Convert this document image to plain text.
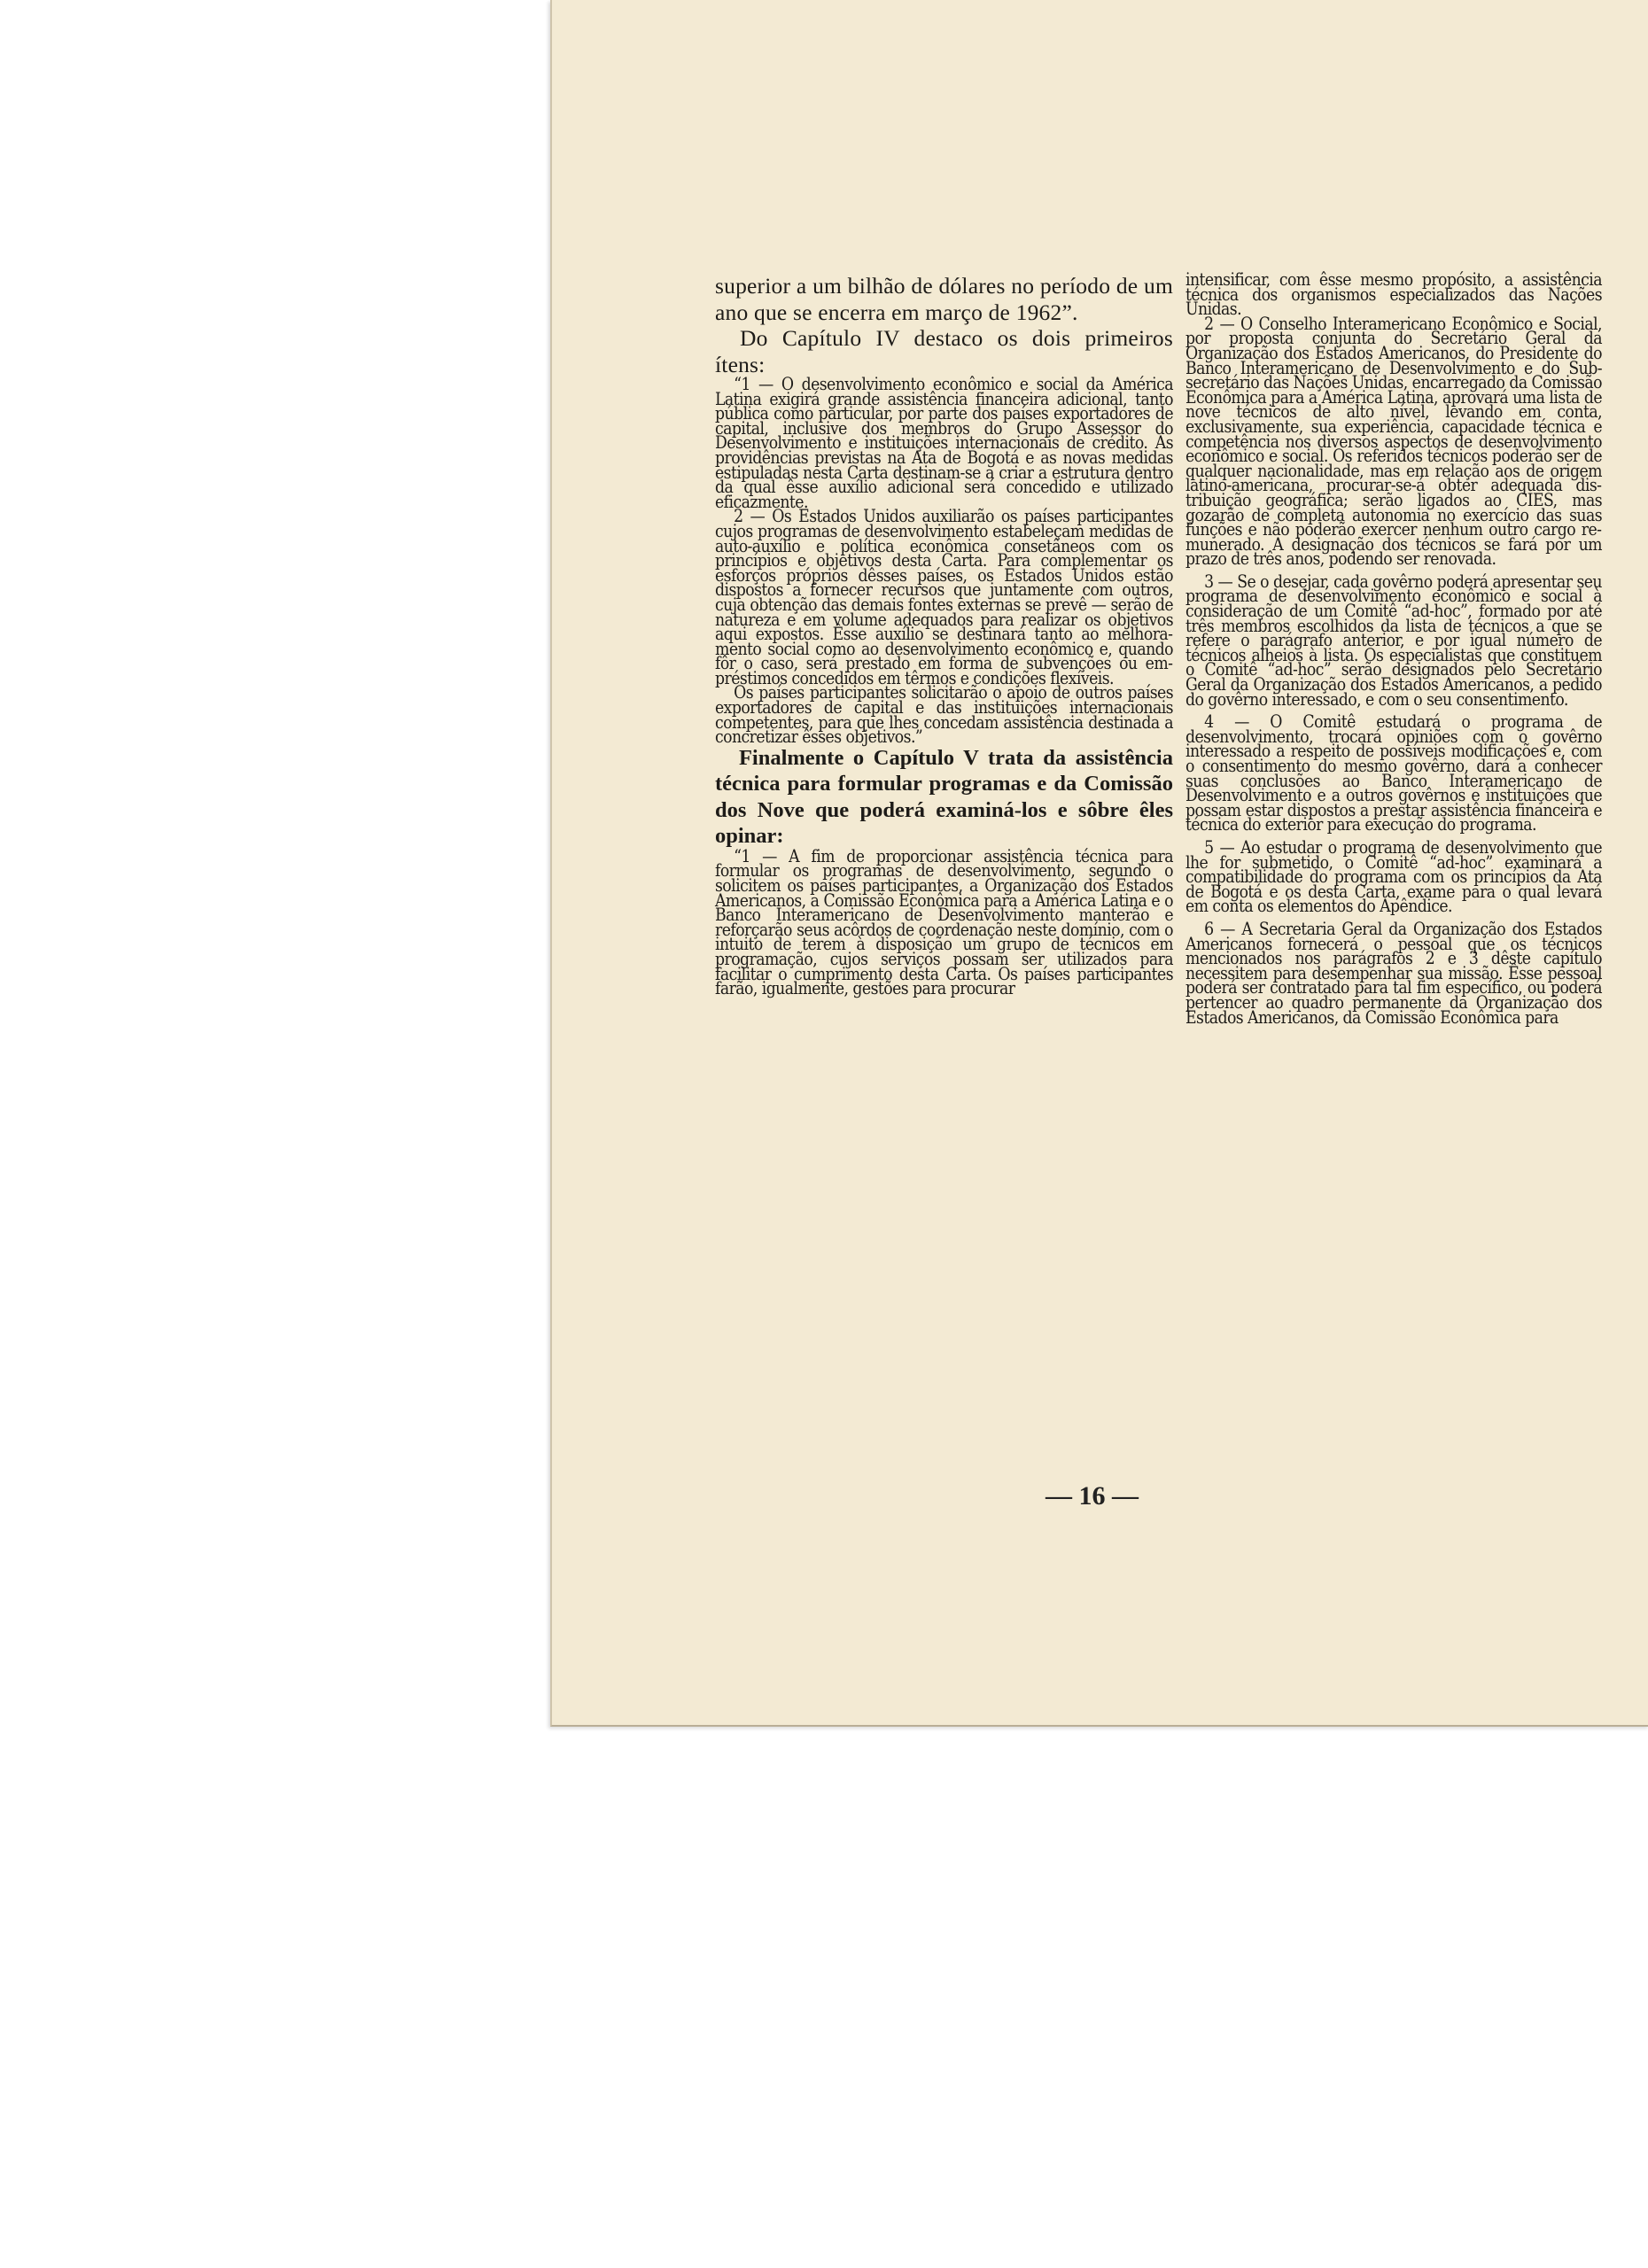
superior a um bilhão de dólares no período de um ano que se encerra em março de 1962”.

Do Capítulo IV destaco os dois primeiros ítens:

“1 — O desenvolvimento econômico e social da América Latina exigirá grande assistência financeira adicional, tanto pública como particular, por parte dos países exportadores de capital, inclusive dos membros do Grupo Assessor do Desenvolvimento e instituições internacionais de crédito. As providências previstas na Ata de Bogotá e as novas medidas estipuladas nesta Carta destinam-se a criar a estrutura dentro da qual êsse auxílio adicional será concedido e utilizado eficazmente.

2 — Os Estados Unidos auxiliarão os países participantes cujos programas de desenvolvimento estabeleçam medidas de auto-auxílio e política econômica consetâneos com os princípios e objetivos desta Carta. Para complementar os esforços próprios dêsses países, os Estados Unidos estão dispostos a fornecer recursos que juntamente com outros, cuja obtenção das demais fontes externas se prevê — serão de natureza e em volume adequados para realizar os objetivos aqui expostos. Êsse auxílio se destinará tanto ao melhoramento social como ao desenvolvimento econômico e, quando fôr o caso, será prestado em forma de subvenções ou empréstimos concedidos em têrmos e condições flexíveis.

Os países participantes solicitarão o apoio de outros países exportadores de capital e das instituições internacionais competentes, para que lhes concedam assistência destinada a concretizar êsses objetivos.”

Finalmente o Capítulo V trata da assistência técnica para formular programas e da Comissão dos Nove que poderá examiná-los e sôbre êles opinar:

“1 — A fim de proporcionar assistência técnica para formular os programas de desenvolvimento, segundo o solicitem os países participantes, a Organização dos Estados Americanos, a Comissão Econômica para a América Latina e o Banco Interamericano de Desenvolvimento manterão e reforçarão seus acôrdos de coordenação neste domínio, com o intuito de terem à disposição um grupo de técnicos em programação, cujos serviços possam ser utilizados para facilitar o cumprimento desta Carta. Os países participantes farão, igualmente, gestões para procurar

intensificar, com êsse mesmo propósito, a assistência técnica dos organismos especializados das Nações Unidas.

2 — O Conselho Interamericano Econômico e Social, por proposta conjunta do Secretário Geral da Organização dos Estados Americanos, do Presidente do Banco Interamericano de Desenvolvimento e do Sub-secretário das Nações Unidas, encarregado da Comissão Econômica para a América Latina, aprovará uma lista de nove técnicos de alto nível, levando em conta, exclusivamente, sua experiência, capacidade técnica e competência nos diversos aspectos de desenvolvimento econômico e social. Os referidos técnicos poderão ser de qualquer nacionalidade, mas em relação aos de origem latino-americana, procurar-se-á obter adequada distribuição geográfica; serão ligados ao CIES, mas gozarão de completa autonomia no exercício das suas funções e não poderão exercer nenhum outro cargo remunerado. A designação dos técnicos se fará por um prazo de três anos, podendo ser renovada.

3 — Se o desejar, cada govêrno poderá apresentar seu programa de desenvolvimento econômico e social à consideração de um Comitê “ad-hoc”, formado por até três membros escolhidos da lista de técnicos a que se refere o parágrafo anterior, e por igual número de técnicos alheios à lista. Os especialistas que constituem o Comitê “ad-hoc” serão designados pelo Secretário Geral da Organização dos Estados Americanos, a pedido do govêrno interessado, e com o seu consentimento.

4 — O Comitê estudará o programa de desenvolvimento, trocará opiniões com o govêrno interessado a respeito de possíveis modificações e, com o consentimento do mesmo govêrno, dará a conhecer suas conclusões ao Banco Interamericano de Desenvolvimento e a outros govêrnos e instituições que possam estar dispostos a prestar assistência financeira e técnica do exterior para execução do programa.

5 — Ao estudar o programa de desenvolvimento que lhe for submetido, o Comitê “ad-hoc” examinará a compatibilidade do programa com os princípios da Ata de Bogotá e os desta Carta, exame para o qual levará em conta os elementos do Apêndice.

6 — A Secretaria Geral da Organização dos Estados Americanos fornecerá o pessoal que os técnicos mencionados nos parágrafos 2 e 3 dêste capítulo necessitem para desempenhar sua missão. Êsse pessoal poderá ser contratado para tal fim específico, ou poderá pertencer ao quadro permanente da Organização dos Estados Americanos, da Comissão Econômica para

— 16 —
